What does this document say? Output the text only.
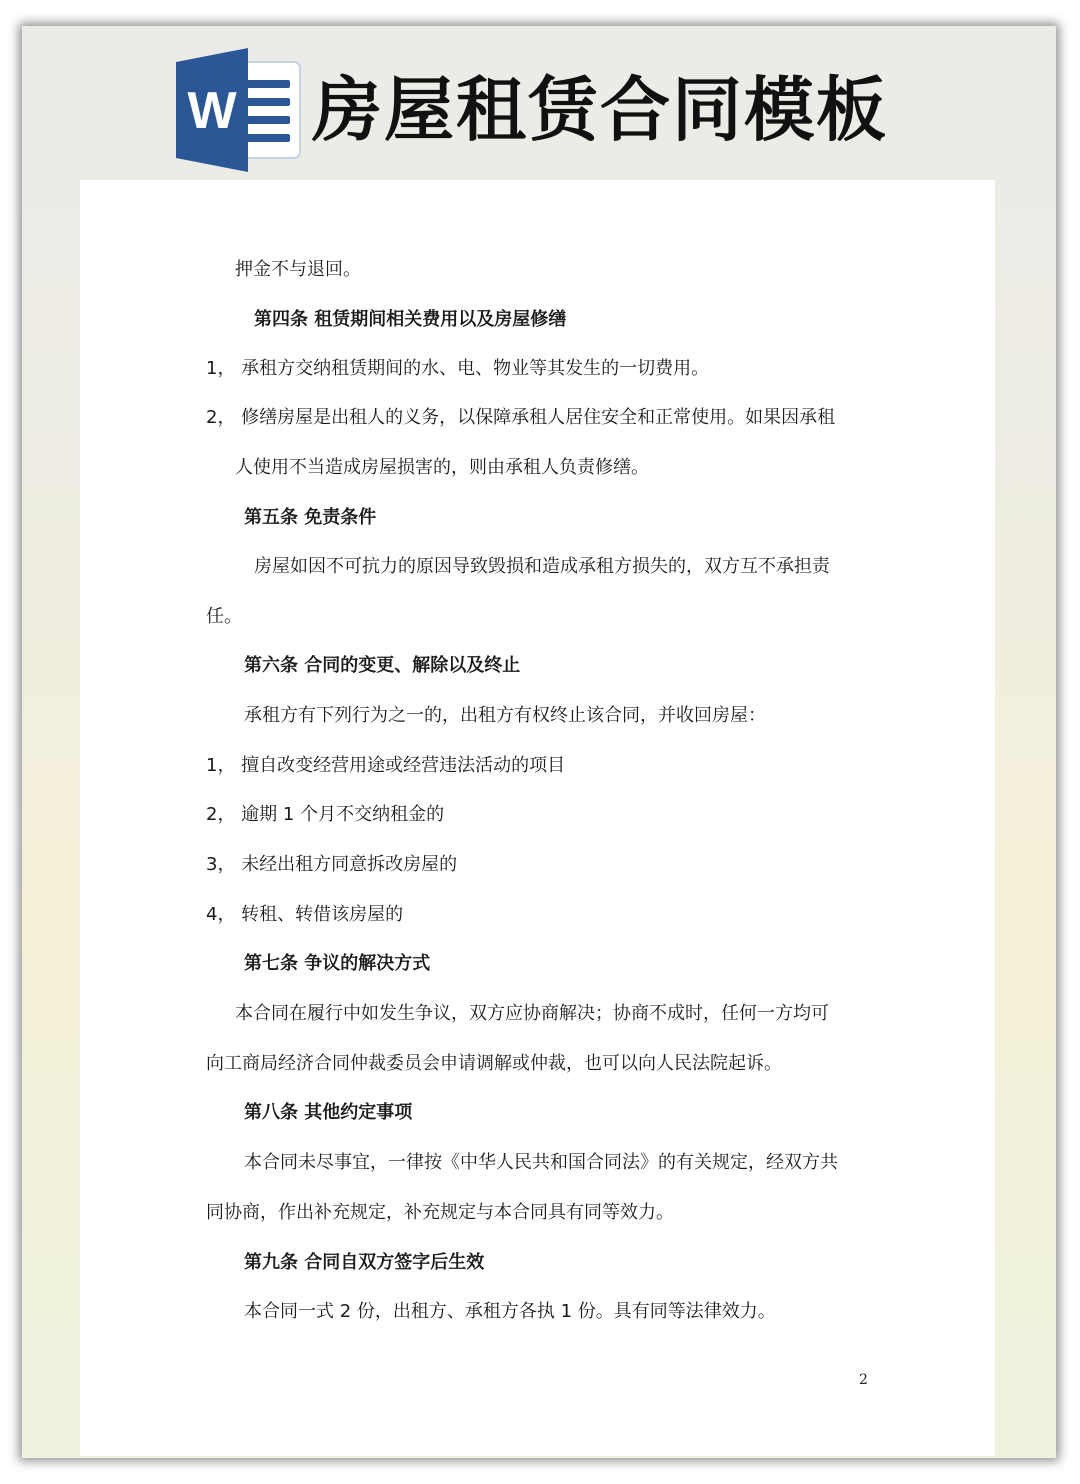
W 房屋租赁合同模板
押金不与退回。
第四条 租赁期间相关费用以及房屋修缮
1， 承租方交纳租赁期间的水、电、物业等其发生的一切费用。
2， 修缮房屋是出租人的义务，以保障承租人居住安全和正常使用。如果因承租
人使用不当造成房屋损害的，则由承租人负责修缮。
第五条 免责条件
房屋如因不可抗力的原因导致毁损和造成承租方损失的，双方互不承担责
任。
第六条 合同的变更、解除以及终止
承租方有下列行为之一的，出租方有权终止该合同，并收回房屋：
1， 擅自改变经营用途或经营违法活动的项目
2， 逾期 1 个月不交纳租金的
3， 未经出租方同意拆改房屋的
4， 转租、转借该房屋的
第七条 争议的解决方式
本合同在履行中如发生争议，双方应协商解决；协商不成时，任何一方均可
向工商局经济合同仲裁委员会申请调解或仲裁，也可以向人民法院起诉。
第八条 其他约定事项
本合同未尽事宜，一律按《中华人民共和国合同法》的有关规定，经双方共
同协商，作出补充规定，补充规定与本合同具有同等效力。
第九条 合同自双方签字后生效
本合同一式 2 份，出租方、承租方各执 1 份。具有同等法律效力。
2
